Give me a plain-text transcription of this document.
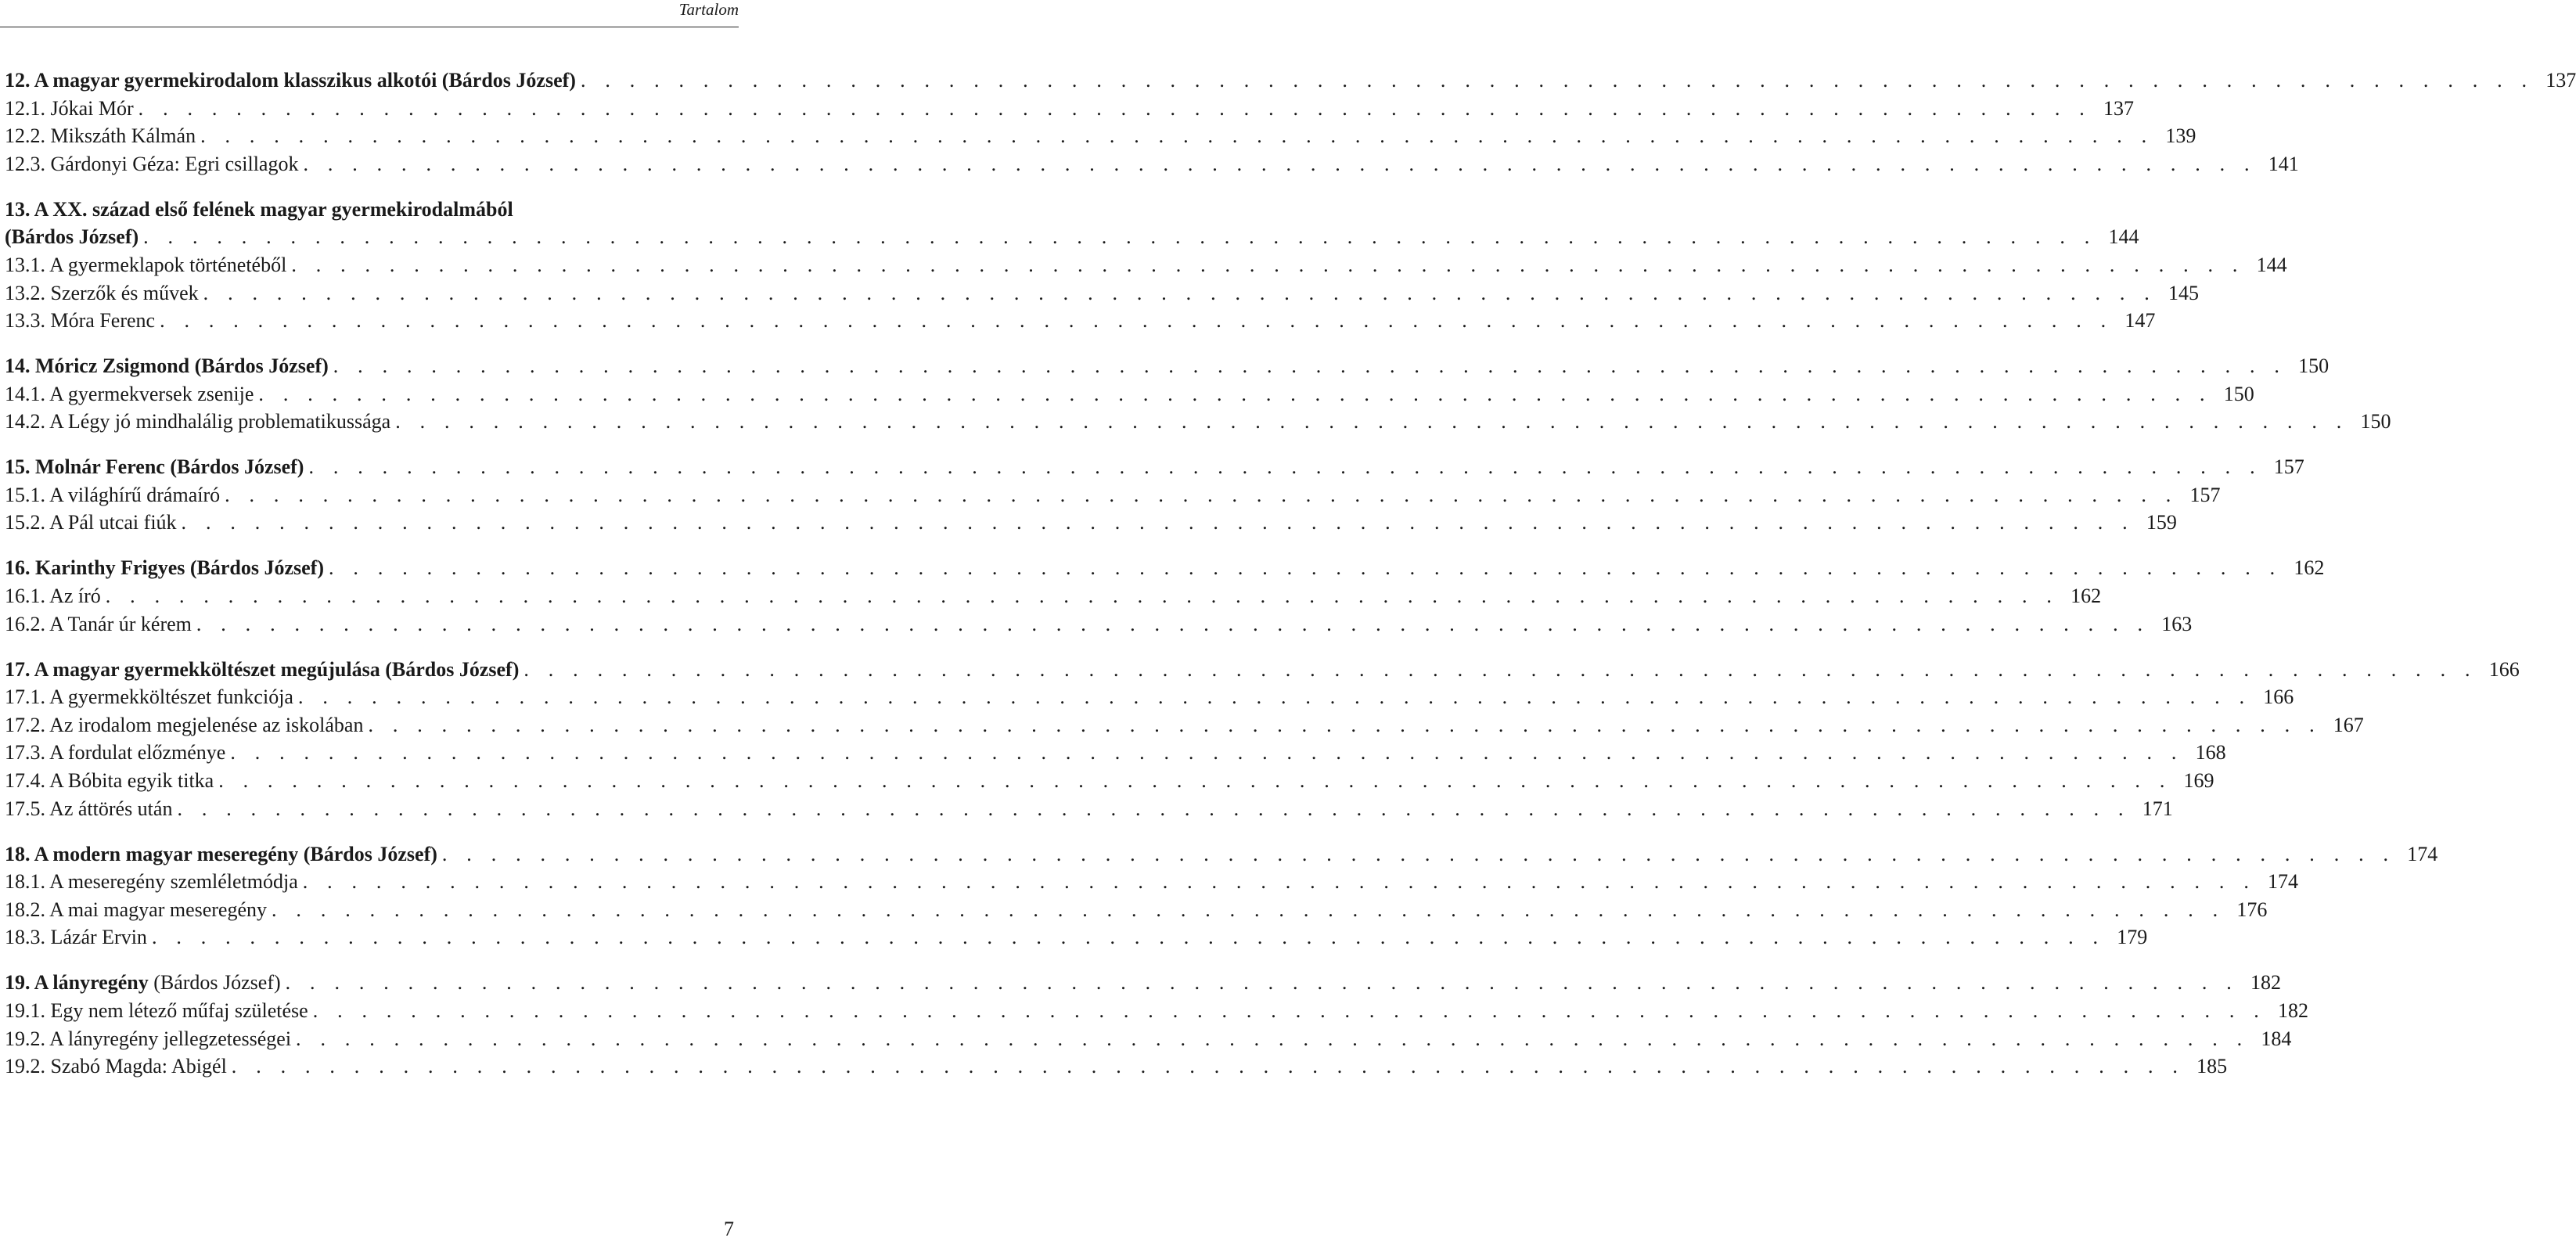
Tartalom
12. A magyar gyermekirodalom klasszikus alkotói (Bárdos József) . . . . . . . . . . . . . . . . . . . . . . . . . . . . . . . . . . . . . . . . . . . . . . . . . . . . . . . . . . . . . . . . . . . . . . . . . . . . . . . . 137
12.1. Jókai Mór . . . . . . . . . . . . . . . . . . . . . . . . . . . . . . . . . . . . . . . . . . . . . . . . . . . . . . . . . . . . . . . . . . . . . . . . . . . . . . . . 137
12.2. Mikszáth Kálmán . . . . . . . . . . . . . . . . . . . . . . . . . . . . . . . . . . . . . . . . . . . . . . . . . . . . . . . . . . . . . . . . . . . . . . . . . . . . . . . . 139
12.3. Gárdonyi Géza: Egri csillagok . . . . . . . . . . . . . . . . . . . . . . . . . . . . . . . . . . . . . . . . . . . . . . . . . . . . . . . . . . . . . . . . . . . . . . . . . . . . . . . . 141
13. A XX. század első felének magyar gyermekirodalmából
(Bárdos József) . . . . . . . . . . . . . . . . . . . . . . . . . . . . . . . . . . . . . . . . . . . . . . . . . . . . . . . . . . . . . . . . . . . . . . . . . . . . . . . . 144
13.1. A gyermeklapok történetéből . . . . . . . . . . . . . . . . . . . . . . . . . . . . . . . . . . . . . . . . . . . . . . . . . . . . . . . . . . . . . . . . . . . . . . . . . . . . . . . . 144
13.2. Szerzők és művek . . . . . . . . . . . . . . . . . . . . . . . . . . . . . . . . . . . . . . . . . . . . . . . . . . . . . . . . . . . . . . . . . . . . . . . . . . . . . . . . 145
13.3. Móra Ferenc . . . . . . . . . . . . . . . . . . . . . . . . . . . . . . . . . . . . . . . . . . . . . . . . . . . . . . . . . . . . . . . . . . . . . . . . . . . . . . . . 147
14. Móricz Zsigmond (Bárdos József) . . . . . . . . . . . . . . . . . . . . . . . . . . . . . . . . . . . . . . . . . . . . . . . . . . . . . . . . . . . . . . . . . . . . . . . . . . . . . . . . 150
14.1. A gyermekversek zsenije . . . . . . . . . . . . . . . . . . . . . . . . . . . . . . . . . . . . . . . . . . . . . . . . . . . . . . . . . . . . . . . . . . . . . . . . . . . . . . . . 150
14.2. A Légy jó mindhalálig problematikussága . . . . . . . . . . . . . . . . . . . . . . . . . . . . . . . . . . . . . . . . . . . . . . . . . . . . . . . . . . . . . . . . . . . . . . . . . . . . . . . . 150
15. Molnár Ferenc (Bárdos József) . . . . . . . . . . . . . . . . . . . . . . . . . . . . . . . . . . . . . . . . . . . . . . . . . . . . . . . . . . . . . . . . . . . . . . . . . . . . . . . . 157
15.1. A világhírű drámaíró . . . . . . . . . . . . . . . . . . . . . . . . . . . . . . . . . . . . . . . . . . . . . . . . . . . . . . . . . . . . . . . . . . . . . . . . . . . . . . . . 157
15.2. A Pál utcai fiúk . . . . . . . . . . . . . . . . . . . . . . . . . . . . . . . . . . . . . . . . . . . . . . . . . . . . . . . . . . . . . . . . . . . . . . . . . . . . . . . . 159
16. Karinthy Frigyes (Bárdos József) . . . . . . . . . . . . . . . . . . . . . . . . . . . . . . . . . . . . . . . . . . . . . . . . . . . . . . . . . . . . . . . . . . . . . . . . . . . . . . . . 162
16.1. Az író . . . . . . . . . . . . . . . . . . . . . . . . . . . . . . . . . . . . . . . . . . . . . . . . . . . . . . . . . . . . . . . . . . . . . . . . . . . . . . . . 162
16.2. A Tanár úr kérem . . . . . . . . . . . . . . . . . . . . . . . . . . . . . . . . . . . . . . . . . . . . . . . . . . . . . . . . . . . . . . . . . . . . . . . . . . . . . . . . 163
17. A magyar gyermekköltészet megújulása (Bárdos József) . . . . . . . . . . . . . . . . . . . . . . . . . . . . . . . . . . . . . . . . . . . . . . . . . . . . . . . . . . . . . . . . . . . . . . . . . . . . . . . . 166
17.1. A gyermekköltészet funkciója . . . . . . . . . . . . . . . . . . . . . . . . . . . . . . . . . . . . . . . . . . . . . . . . . . . . . . . . . . . . . . . . . . . . . . . . . . . . . . . . 166
17.2. Az irodalom megjelenése az iskolában . . . . . . . . . . . . . . . . . . . . . . . . . . . . . . . . . . . . . . . . . . . . . . . . . . . . . . . . . . . . . . . . . . . . . . . . . . . . . . . . 167
17.3. A fordulat előzménye . . . . . . . . . . . . . . . . . . . . . . . . . . . . . . . . . . . . . . . . . . . . . . . . . . . . . . . . . . . . . . . . . . . . . . . . . . . . . . . . 168
17.4. A Bóbita egyik titka . . . . . . . . . . . . . . . . . . . . . . . . . . . . . . . . . . . . . . . . . . . . . . . . . . . . . . . . . . . . . . . . . . . . . . . . . . . . . . . . 169
17.5. Az áttörés után . . . . . . . . . . . . . . . . . . . . . . . . . . . . . . . . . . . . . . . . . . . . . . . . . . . . . . . . . . . . . . . . . . . . . . . . . . . . . . . . 171
18. A modern magyar meseregény (Bárdos József) . . . . . . . . . . . . . . . . . . . . . . . . . . . . . . . . . . . . . . . . . . . . . . . . . . . . . . . . . . . . . . . . . . . . . . . . . . . . . . . . 174
18.1. A meseregény szemléletmódja . . . . . . . . . . . . . . . . . . . . . . . . . . . . . . . . . . . . . . . . . . . . . . . . . . . . . . . . . . . . . . . . . . . . . . . . . . . . . . . . 174
18.2. A mai magyar meseregény . . . . . . . . . . . . . . . . . . . . . . . . . . . . . . . . . . . . . . . . . . . . . . . . . . . . . . . . . . . . . . . . . . . . . . . . . . . . . . . . 176
18.3. Lázár Ervin . . . . . . . . . . . . . . . . . . . . . . . . . . . . . . . . . . . . . . . . . . . . . . . . . . . . . . . . . . . . . . . . . . . . . . . . . . . . . . . . 179
19. A lányregény (Bárdos József) . . . . . . . . . . . . . . . . . . . . . . . . . . . . . . . . . . . . . . . . . . . . . . . . . . . . . . . . . . . . . . . . . . . . . . . . . . . . . . . . 182
19.1. Egy nem létező műfaj születése . . . . . . . . . . . . . . . . . . . . . . . . . . . . . . . . . . . . . . . . . . . . . . . . . . . . . . . . . . . . . . . . . . . . . . . . . . . . . . . . 182
19.2. A lányregény jellegzetességei . . . . . . . . . . . . . . . . . . . . . . . . . . . . . . . . . . . . . . . . . . . . . . . . . . . . . . . . . . . . . . . . . . . . . . . . . . . . . . . . 184
19.2. Szabó Magda: Abigél . . . . . . . . . . . . . . . . . . . . . . . . . . . . . . . . . . . . . . . . . . . . . . . . . . . . . . . . . . . . . . . . . . . . . . . . . . . . . . . . 185
7
